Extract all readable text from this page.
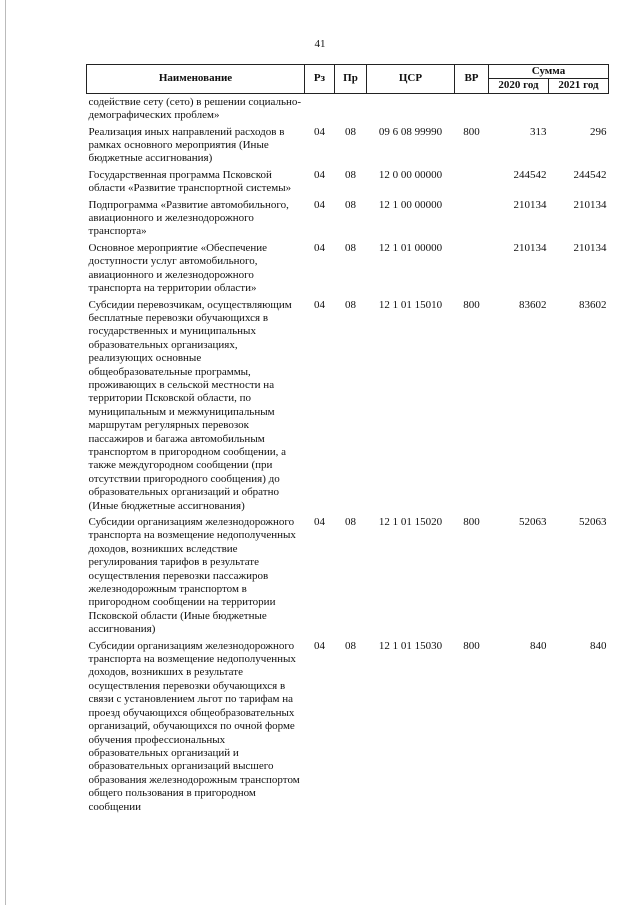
41
Наименование	Рз	Пр	ЦСР	ВР	Сумма	
					2020 год	2021 год
содействие сету (сето) в решении социально-демографических проблем»						
Реализация иных направлений расходов в рамках основного мероприятия (Иные бюджетные ассигнования)	04	08	09 6 08 99990	800	313	296
Государственная программа Псковской области «Развитие транспортной системы»	04	08	12 0 00 00000		244542	244542
Подпрограмма «Развитие автомобильного, авиационного и железнодорожного транспорта»	04	08	12 1 00 00000		210134	210134
Основное мероприятие «Обеспечение доступности услуг автомобильного, авиационного и железнодорожного транспорта на территории области»	04	08	12 1 01 00000		210134	210134
Субсидии перевозчикам, осуществляющим бесплатные перевозки обучающихся в государственных и муниципальных образовательных организациях, реализующих основные общеобразовательные программы, проживающих в сельской местности на территории Псковской области, по муниципальным и межмуниципальным маршрутам регулярных перевозок пассажиров и багажа автомобильным транспортом в пригородном сообщении, а также междугородном сообщении (при отсутствии пригородного сообщения) до образовательных организаций и обратно (Иные бюджетные ассигнования)	04	08	12 1 01 15010	800	83602	83602
Субсидии организациям железнодорожного транспорта на возмещение недополученных доходов, возникших вследствие регулирования тарифов в результате осуществления перевозки пассажиров железнодорожным транспортом в пригородном сообщении на территории Псковской области (Иные бюджетные ассигнования)	04	08	12 1 01 15020	800	52063	52063
Субсидии организациям железнодорожного транспорта на возмещение недополученных доходов, возникших в результате осуществления перевозки обучающихся в связи с установлением льгот по тарифам на проезд обучающихся общеобразовательных организаций, обучающихся по очной форме обучения профессиональных образовательных организаций и образовательных организаций высшего образования железнодорожным транспортом общего пользования в пригородном сообщении	04	08	12 1 01 15030	800	840	840
